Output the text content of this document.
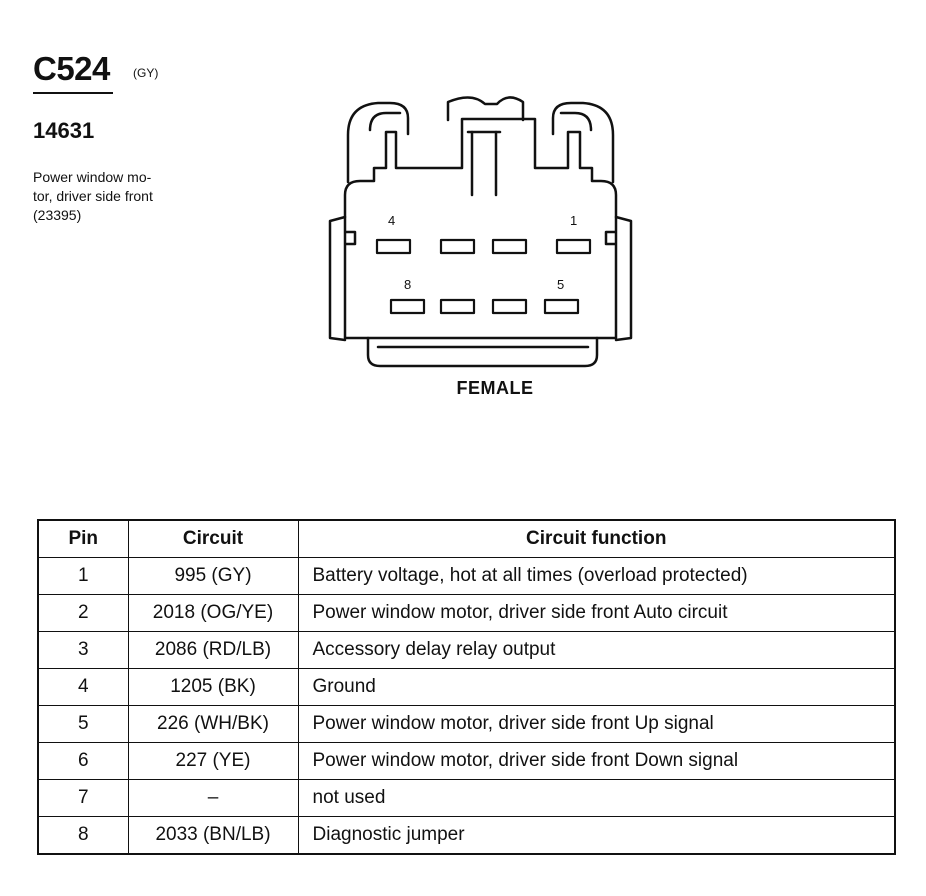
C524 (GY)
14631
Power window mo-
tor, driver side front
(23395)	4	1
8	5
FEMALE
Pin	Circuit	Circuit function
1	995 (GY)	Battery voltage, hot at all times (overload protected)
2	2018 (OG/YE)	Power window motor, driver side front Auto circuit
3	2086 (RD/LB)	Accessory delay relay output
4	1205 (BK)	Ground
5	226 (WH/BK)	Power window motor, driver side front Up signal
6	227 (YE)	Power window motor, driver side front Down signal
7	–	not used
8	2033 (BN/LB)	Diagnostic jumper
